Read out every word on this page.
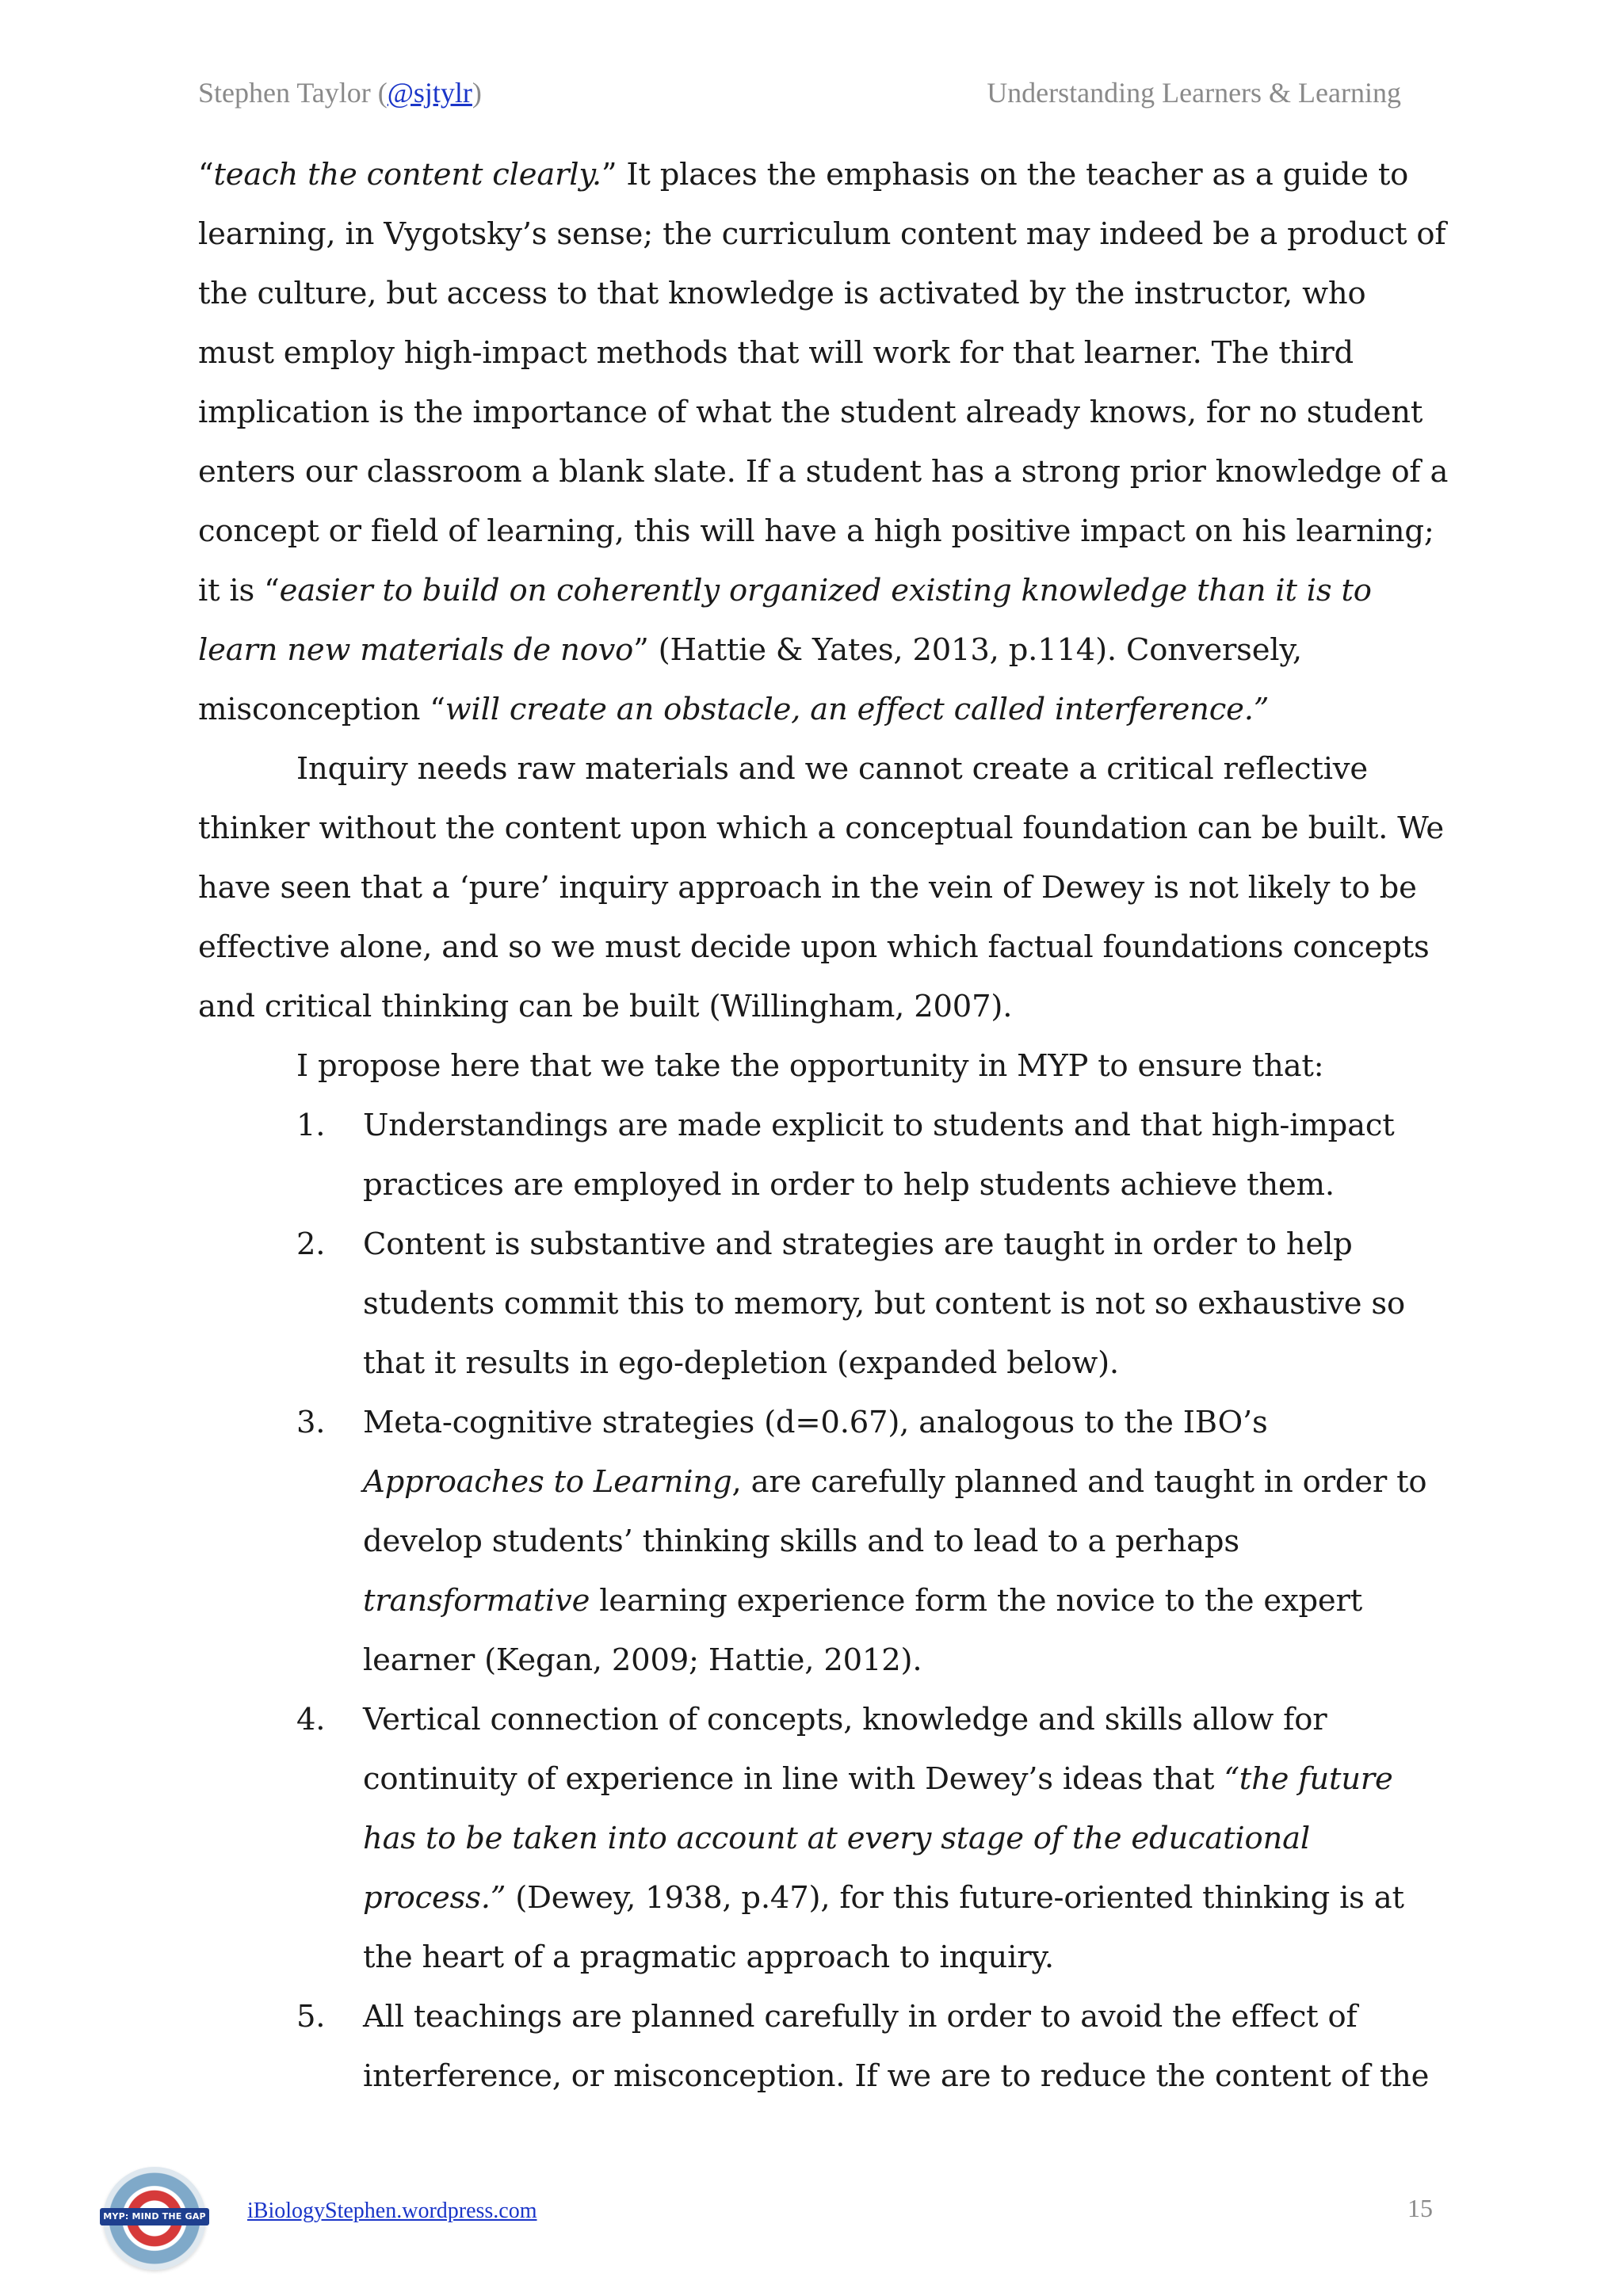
Stephen Taylor (@sjtylr)	Understanding Learners & Learning

“teach the content clearly.” It places the emphasis on the teacher as a guide to learning, in Vygotsky’s sense; the curriculum content may indeed be a product of the culture, but access to that knowledge is activated by the instructor, who must employ high-impact methods that will work for that learner. The third implication is the importance of what the student already knows, for no student enters our classroom a blank slate. If a student has a strong prior knowledge of a concept or field of learning, this will have a high positive impact on his learning; it is “easier to build on coherently organized existing knowledge than it is to learn new materials de novo” (Hattie & Yates, 2013, p.114). Conversely, misconception “will create an obstacle, an effect called interference.”

Inquiry needs raw materials and we cannot create a critical reflective thinker without the content upon which a conceptual foundation can be built. We have seen that a ‘pure’ inquiry approach in the vein of Dewey is not likely to be effective alone, and so we must decide upon which factual foundations concepts and critical thinking can be built (Willingham, 2007).

I propose here that we take the opportunity in MYP to ensure that:

1. Understandings are made explicit to students and that high-impact practices are employed in order to help students achieve them.
2. Content is substantive and strategies are taught in order to help students commit this to memory, but content is not so exhaustive so that it results in ego-depletion (expanded below).
3. Meta-cognitive strategies (d=0.67), analogous to the IBO’s Approaches to Learning, are carefully planned and taught in order to develop students’ thinking skills and to lead to a perhaps transformative learning experience form the novice to the expert learner (Kegan, 2009; Hattie, 2012).
4. Vertical connection of concepts, knowledge and skills allow for continuity of experience in line with Dewey’s ideas that “the future has to be taken into account at every stage of the educational process.” (Dewey, 1938, p.47), for this future-oriented thinking is at the heart of a pragmatic approach to inquiry.
5. All teachings are planned carefully in order to avoid the effect of interference, or misconception. If we are to reduce the content of the
MYP: MIND THE GAP iBiologyStephen.wordpress.com	15
